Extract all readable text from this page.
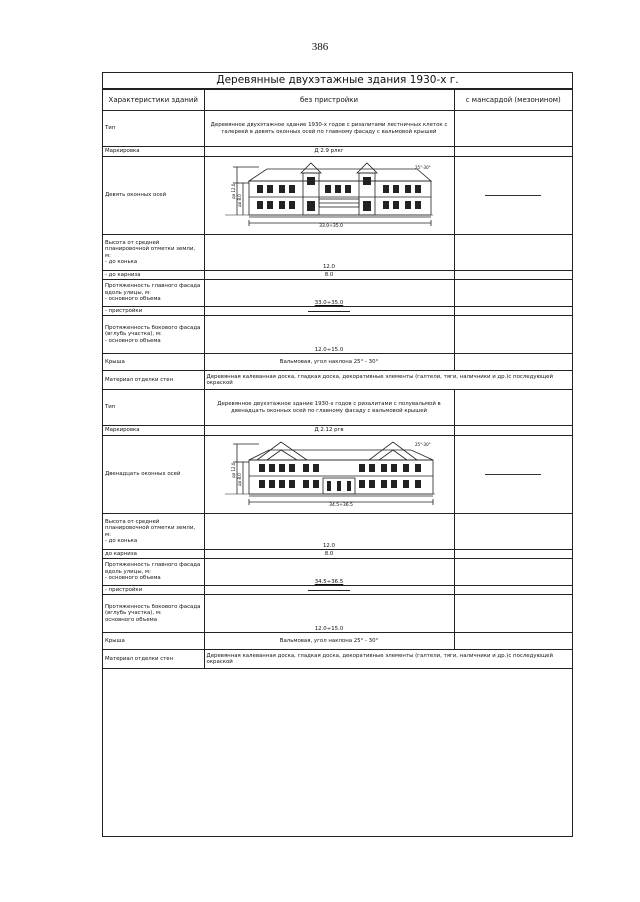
386
Деревянные двухэтажные здания 1930-х г.
Характеристики зданий	без пристройки	с мансардой (мезонином)
Тип	Деревянное двухэтажное здание 1930-х годов с ризалитами лестничных клеток с галереей в девять оконных осей по главному фасаду с вальмовой крышей	
Маркировка	Д 2.9 рлкг	
Девять оконных осей	25°-30°
до 12.0
до 8.0
33.0÷35.0	

Высота от средней планировочной отметки земли, м:
- до конька	12.0	
- до карниза	8.0	

Протяженность главного фасада вдоль улицы, м:
- основного объема	33.0÷35.0	
- пристройки		

Протяженность бокового фасада (вглубь участка), м:
- основного объема	12.0÷15.0	
Крыша	Вальмовая, угол наклона 25° - 30°	
Материал отделки стен	Деревянная калеванная доска, гладкая доска, декоративные элементы (галтели, тяги, наличники и др.)с последующей окраской	
Тип	Деревянное двухэтажное здание 1930-х годов с ризалитами с полувальмой в двенадцать оконных осей по главному фасаду с вальмовой крышей	
Маркировка	Д 2.12 ргв	
Двенадцать оконных осей	25°-30°
до 12.0
до 8.0
34.5÷36.5	

Высота от средней планировочной отметки земли, м:
- до конька	12.0	
до карниза	8.0	

Протяженность главного фасада вдоль улицы, м:
- основного объема	34.5÷36.5	
- пристройки		

Протяженность бокового фасада (вглубь участка), м:
основного объема	12.0÷15.0	
Крыша	Вальмовая, угол наклона 25° - 30°	
Материал отделки стен	Деревянная калеванная доска, гладкая доска, декоративные элементы (галтели, тяги, наличники и др.)с последующей окраской	
